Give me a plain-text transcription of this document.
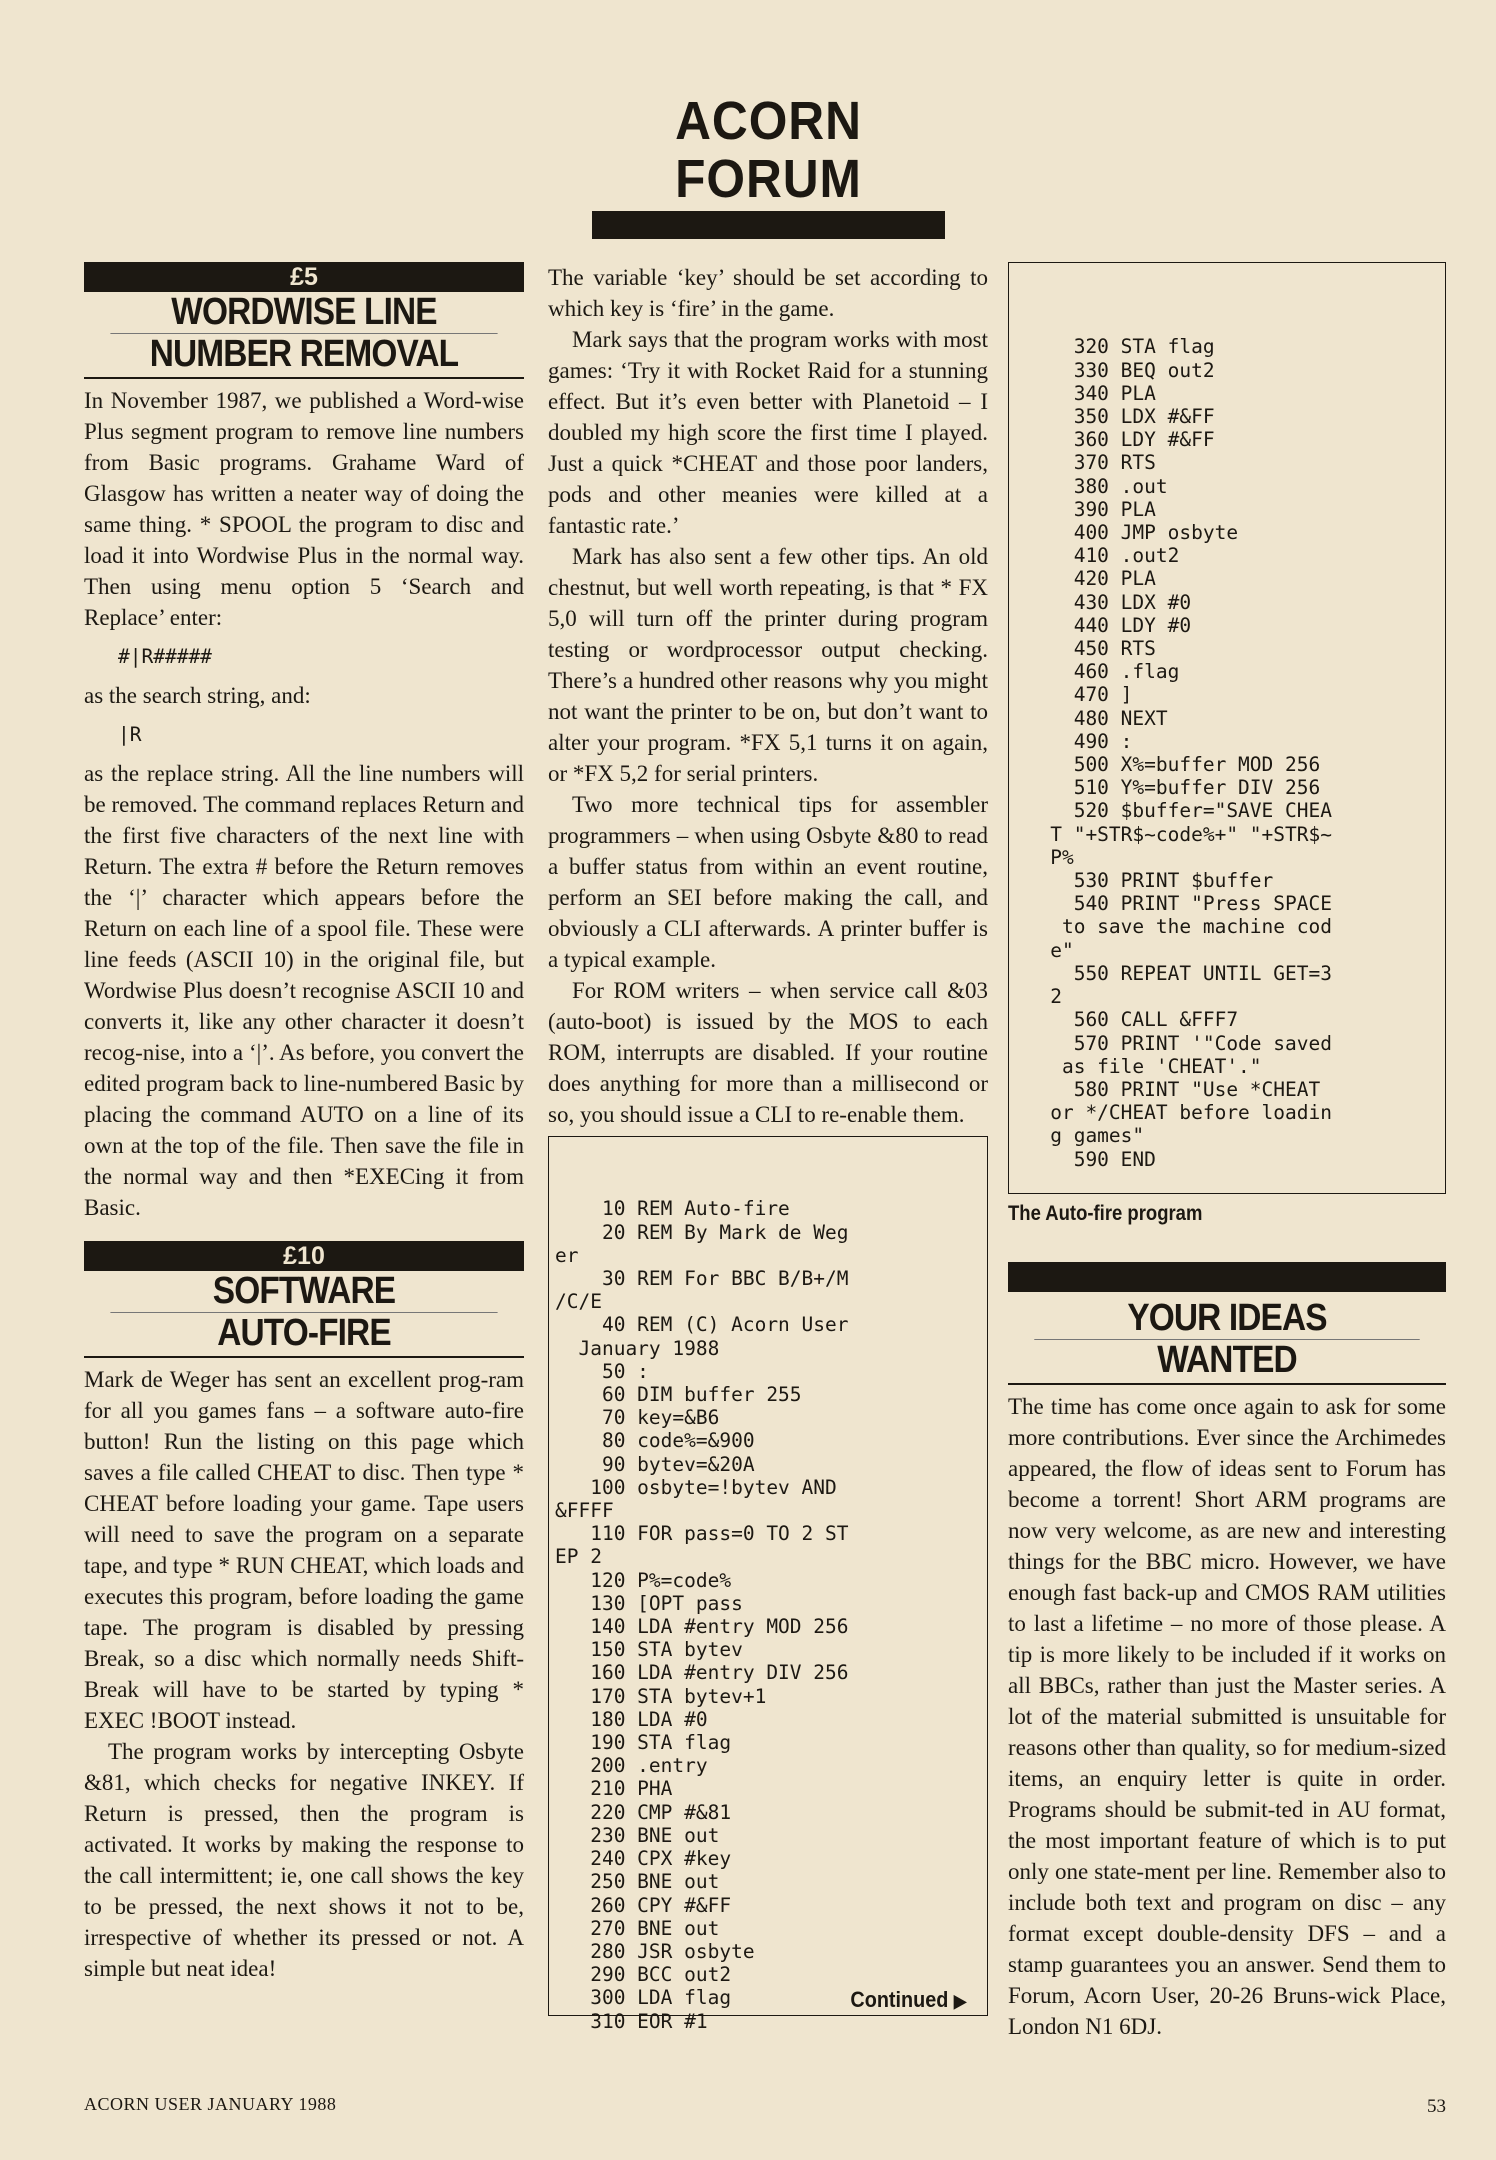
ACORN FORUM
£5
WORDWISE LINE
NUMBER REMOVAL

In November 1987, we published a Word-wise Plus segment program to remove line numbers from Basic programs. Grahame Ward of Glasgow has written a neater way of doing the same thing. * SPOOL the program to disc and load it into Wordwise Plus in the normal way. Then using menu option 5 ‘Search and Replace’ enter:

#|R#####

as the search string, and:

|R

as the replace string. All the line numbers will be removed. The command replaces Return and the first five characters of the next line with Return. The extra # before the Return removes the ‘|’ character which appears before the Return on each line of a spool file. These were line feeds (ASCII 10) in the original file, but Wordwise Plus doesn’t recognise ASCII 10 and converts it, like any other character it doesn’t recog-nise, into a ‘|’. As before, you convert the edited program back to line-numbered Basic by placing the command AUTO on a line of its own at the top of the file. Then save the file in the normal way and then *EXECing it from Basic.

£10
SOFTWARE
AUTO-FIRE

Mark de Weger has sent an excellent prog-ram for all you games fans – a software auto-fire button! Run the listing on this page which saves a file called CHEAT to disc. Then type * CHEAT before loading your game. Tape users will need to save the program on a separate tape, and type * RUN CHEAT, which loads and executes this program, before loading the game tape. The program is disabled by pressing Break, so a disc which normally needs Shift-Break will have to be started by typing * EXEC !BOOT instead.

The program works by intercepting Osbyte &81, which checks for negative INKEY. If Return is pressed, then the program is activated. It works by making the response to the call intermittent; ie, one call shows the key to be pressed, the next shows it not to be, irrespective of whether its pressed or not. A simple but neat idea!

The variable ‘key’ should be set according to which key is ‘fire’ in the game.

Mark says that the program works with most games: ‘Try it with Rocket Raid for a stunning effect. But it’s even better with Planetoid – I doubled my high score the first time I played. Just a quick *CHEAT and those poor landers, pods and other meanies were killed at a fantastic rate.’

Mark has also sent a few other tips. An old chestnut, but well worth repeating, is that * FX 5,0 will turn off the printer during program testing or wordprocessor output checking. There’s a hundred other reasons why you might not want the printer to be on, but don’t want to alter your program. *FX 5,1 turns it on again, or *FX 5,2 for serial printers.

Two more technical tips for assembler programmers – when using Osbyte &80 to read a buffer status from within an event routine, perform an SEI before making the call, and obviously a CLI afterwards. A printer buffer is a typical example.

For ROM writers – when service call &03 (auto-boot) is issued by the MOS to each ROM, interrupts are disabled. If your routine does anything for more than a millisecond or so, you should issue a CLI to re-enable them.

10 REM Auto-fire
20 REM By Mark de Weg
er
30 REM For BBC B/B+/M
/C/E
40 REM (C) Acorn User
January 1988
50 :
60 DIM buffer 255
70 key=&B6
80 code%=&900
90 bytev=&20A
100 osbyte=!bytev AND
&FFFF
110 FOR pass=0 TO 2 ST
EP 2
120 P%=code%
130 [OPT pass
140 LDA #entry MOD 256
150 STA bytev
160 LDA #entry DIV 256
170 STA bytev+1
180 LDA #0
190 STA flag
200 .entry
210 PHA
220 CMP #&81
230 BNE out
240 CPX #key
250 BNE out
260 CPY #&FF
270 BNE out
280 JSR osbyte
290 BCC out2
300 LDA flag
310 EOR #1

Continued ▶

320 STA flag
330 BEQ out2
340 PLA
350 LDX #&FF
360 LDY #&FF
370 RTS
380 .out
390 PLA
400 JMP osbyte
410 .out2
420 PLA
430 LDX #0
440 LDY #0
450 RTS
460 .flag
470 ]
480 NEXT
490 :
500 X%=buffer MOD 256
510 Y%=buffer DIV 256
520 $buffer="SAVE CHEA
T "+STR$~code%+" "+STR$~
P%
530 PRINT $buffer
540 PRINT "Press SPACE
to save the machine cod
e"
550 REPEAT UNTIL GET=3
2
560 CALL &FFF7
570 PRINT '"Code saved
as file 'CHEAT'."
580 PRINT "Use *CHEAT
or */CHEAT before loadin
g games"
590 END

The Auto-fire program
YOUR IDEAS
WANTED

The time has come once again to ask for some more contributions. Ever since the Archimedes appeared, the flow of ideas sent to Forum has become a torrent! Short ARM programs are now very welcome, as are new and interesting things for the BBC micro. However, we have enough fast back-up and CMOS RAM utilities to last a lifetime – no more of those please. A tip is more likely to be included if it works on all BBCs, rather than just the Master series. A lot of the material submitted is unsuitable for reasons other than quality, so for medium-sized items, an enquiry letter is quite in order. Programs should be submit-ted in AU format, the most important feature of which is to put only one state-ment per line. Remember also to include both text and program on disc – any format except double-density DFS – and a stamp guarantees you an answer. Send them to Forum, Acorn User, 20-26 Bruns-wick Place, London N1 6DJ.

ACORN USER JANUARY 1988	53
